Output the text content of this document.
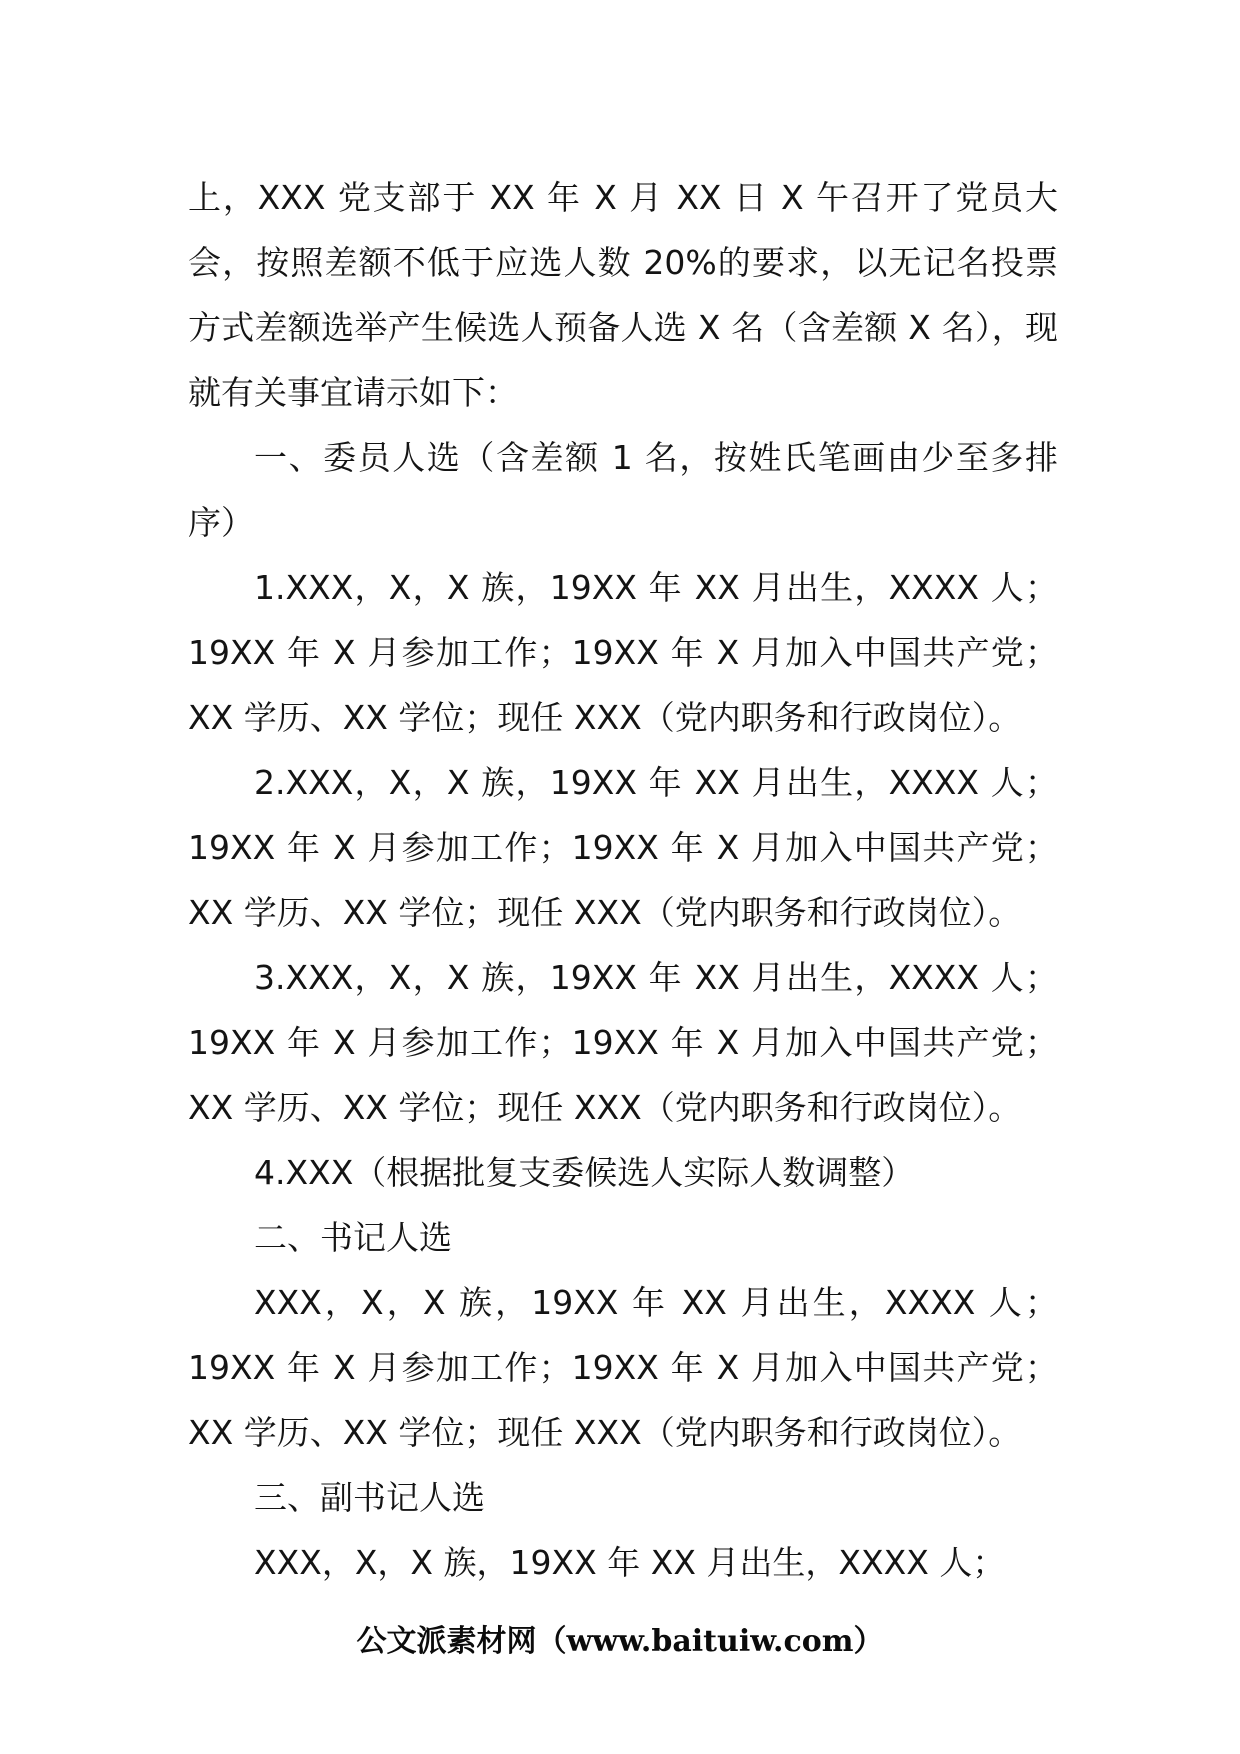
上，XXX 党支部于 XX 年 X 月 XX 日 X 午召开了党员大会，按照差额不低于应选人数 20%的要求，以无记名投票方式差额选举产生候选人预备人选 X 名（含差额 X 名），现就有关事宜请示如下：

一、委员人选（含差额 1 名，按姓氏笔画由少至多排序）

1.XXX，X，X 族，19XX 年 XX 月出生，XXXX 人；19XX 年 X 月参加工作；19XX 年 X 月加入中国共产党；XX 学历、XX 学位；现任 XXX（党内职务和行政岗位）。

2.XXX，X，X 族，19XX 年 XX 月出生，XXXX 人；19XX 年 X 月参加工作；19XX 年 X 月加入中国共产党；XX 学历、XX 学位；现任 XXX（党内职务和行政岗位）。

3.XXX，X，X 族，19XX 年 XX 月出生，XXXX 人；19XX 年 X 月参加工作；19XX 年 X 月加入中国共产党；XX 学历、XX 学位；现任 XXX（党内职务和行政岗位）。

4.XXX（根据批复支委候选人实际人数调整）

二、书记人选

XXX，X，X 族，19XX 年 XX 月出生，XXXX 人；19XX 年 X 月参加工作；19XX 年 X 月加入中国共产党；XX 学历、XX 学位；现任 XXX（党内职务和行政岗位）。

三、副书记人选

XXX，X，X 族，19XX 年 XX 月出生，XXXX 人；

公文派素材网（www.baituiw.com）
